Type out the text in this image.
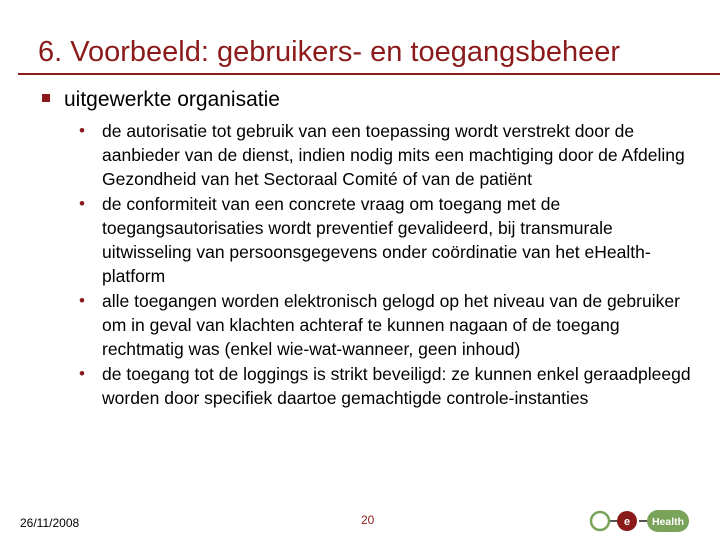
6. Voorbeeld: gebruikers- en toegangsbeheer
uitgewerkte organisatie
• de autorisatie tot gebruik van een toepassing wordt verstrekt door de aanbieder van de dienst, indien nodig mits een machtiging door de Afdeling Gezondheid van het Sectoraal Comité of van de patiënt
• de conformiteit van een concrete vraag om toegang met de toegangsautorisaties wordt preventief gevalideerd, bij transmurale uitwisseling van persoonsgegevens onder coördinatie van het eHealth-platform
• alle toegangen worden elektronisch gelogd op het niveau van de gebruiker om in geval van klachten achteraf te kunnen nagaan of de toegang rechtmatig was (enkel wie-wat-wanneer, geen inhoud)
• de toegang tot de loggings is strikt beveiligd: ze kunnen enkel geraadpleegd worden door specifiek daartoe gemachtigde controle-instanties
26/11/2008	20	e Health
